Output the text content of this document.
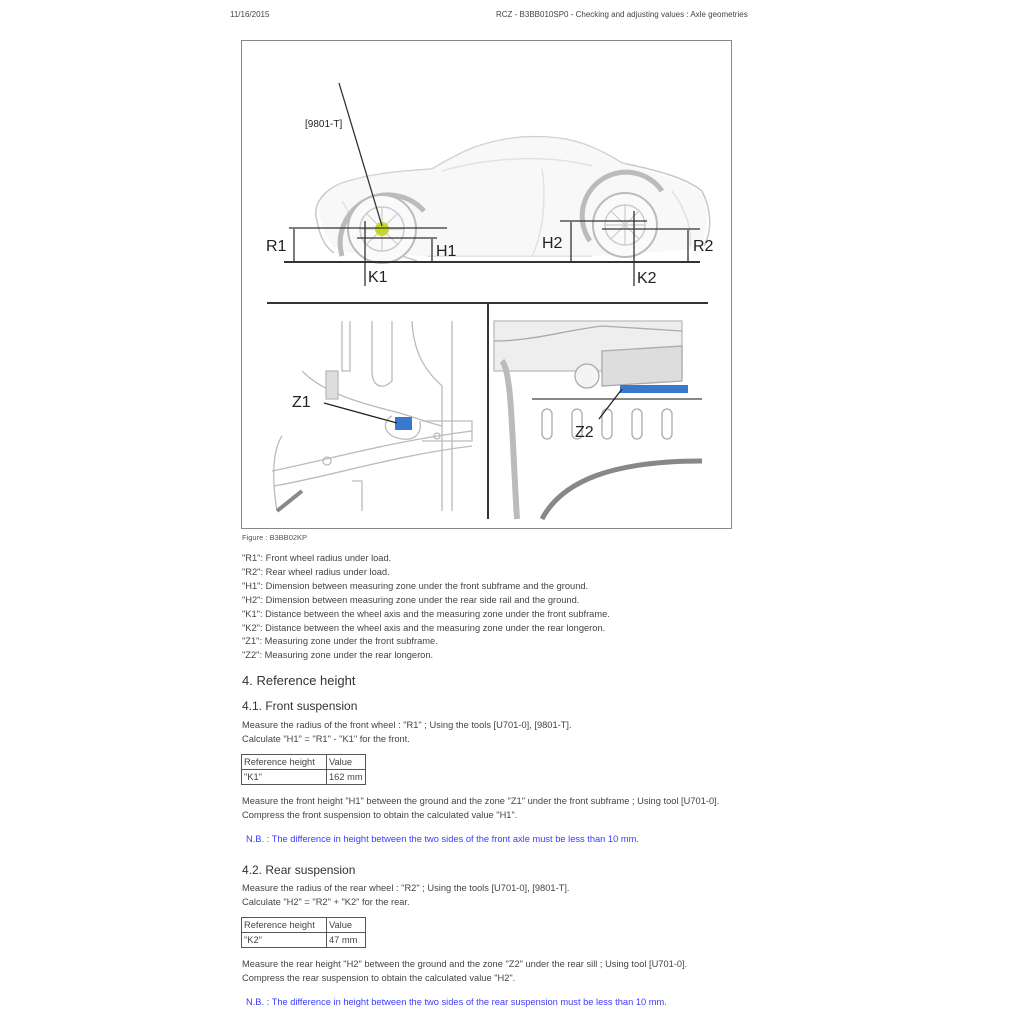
11/16/2015	RCZ - B3BB010SP0 - Checking and adjusting values : Axle geometries
[9801-T]
R1	H1	H2	R2
K1	K2
Z1
Z2
Figure : B3BB02KP
"R1": Front wheel radius under load.
"R2": Rear wheel radius under load.
"H1": Dimension between measuring zone under the front subframe and the ground.
"H2": Dimension between measuring zone under the rear side rail and the ground.
"K1": Distance between the wheel axis and the measuring zone under the front subframe.
"K2": Distance between the wheel axis and the measuring zone under the rear longeron.
"Z1": Measuring zone under the front subframe.
"Z2": Measuring zone under the rear longeron.
4. Reference height
4.1. Front suspension
Measure the radius of the front wheel : "R1" ; Using the tools [U701-0], [9801-T].
Calculate "H1" = "R1" - "K1" for the front.
Reference height	Value
"K1"	162 mm
Measure the front height "H1" between the ground and the zone "Z1" under the front subframe ; Using tool [U701-0].
Compress the front suspension to obtain the calculated value "H1".
N.B. : The difference in height between the two sides of the front axle must be less than 10 mm.
4.2. Rear suspension
Measure the radius of the rear wheel : "R2" ; Using the tools [U701-0], [9801-T].
Calculate "H2" = "R2" + "K2" for the rear.
Reference height	Value
"K2"	47 mm
Measure the rear height "H2" between the ground and the zone "Z2" under the rear sill ; Using tool [U701-0].
Compress the rear suspension to obtain the calculated value "H2".
N.B. : The difference in height between the two sides of the rear suspension must be less than 10 mm.
